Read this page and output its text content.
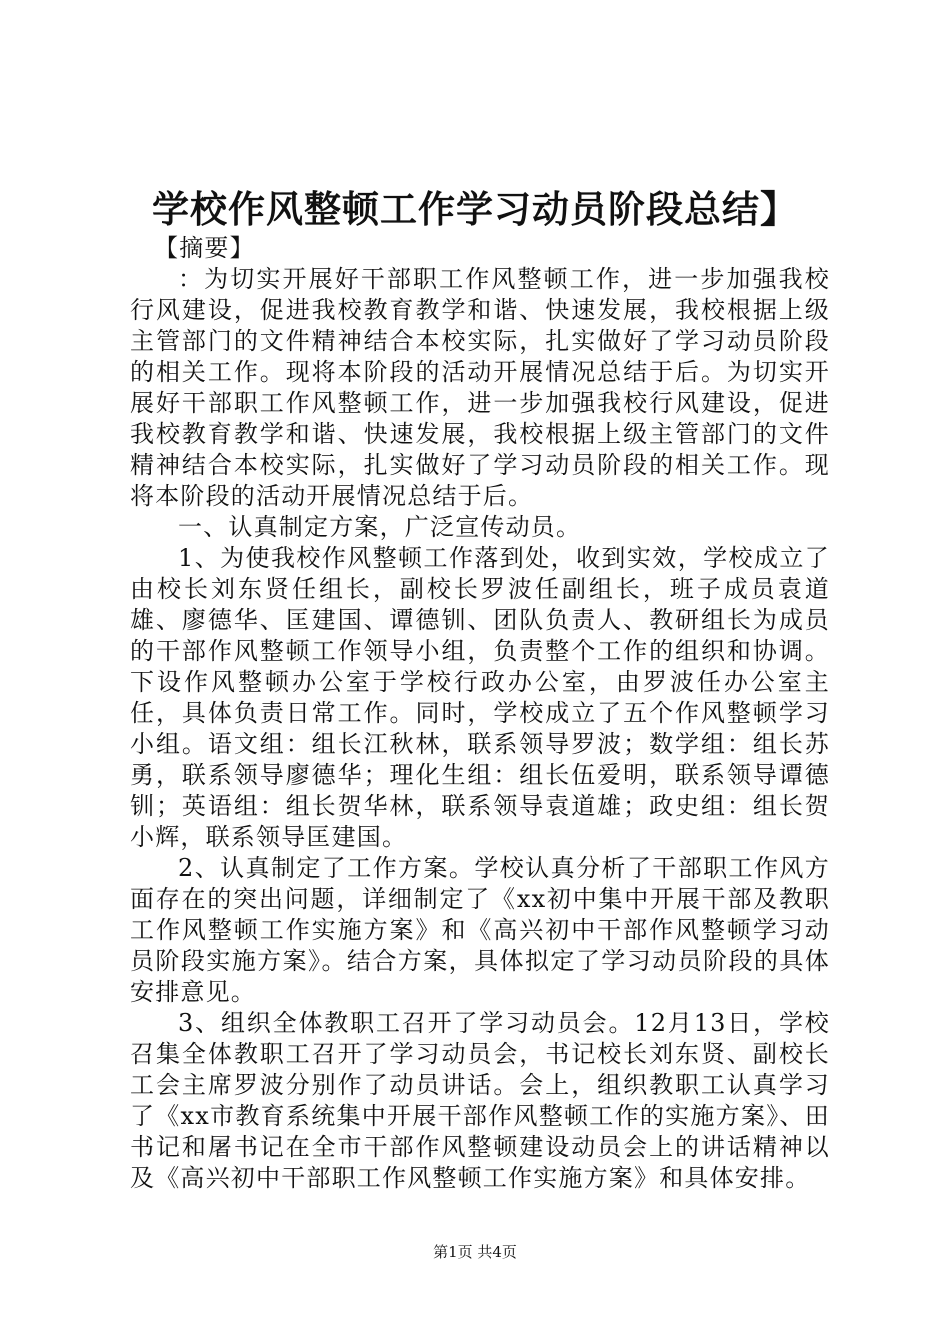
学校作风整顿工作学习动员阶段总结】

【摘要】

：为切实开展好干部职工作风整顿工作，进一步加强我校行风建设，促进我校教育教学和谐、快速发展，我校根据上级主管部门的文件精神结合本校实际，扎实做好了学习动员阶段的相关工作。现将本阶段的活动开展情况总结于后。为切实开展好干部职工作风整顿工作，进一步加强我校行风建设，促进我校教育教学和谐、快速发展，我校根据上级主管部门的文件精神结合本校实际，扎实做好了学习动员阶段的相关工作。现将本阶段的活动开展情况总结于后。

一、认真制定方案，广泛宣传动员。

1、为使我校作风整顿工作落到处，收到实效，学校成立了由校长刘东贤任组长，副校长罗波任副组长，班子成员袁道雄、廖德华、匡建国、谭德钏、团队负责人、教研组长为成员的干部作风整顿工作领导小组，负责整个工作的组织和协调。下设作风整顿办公室于学校行政办公室，由罗波任办公室主任，具体负责日常工作。同时，学校成立了五个作风整顿学习小组。语文组：组长江秋林，联系领导罗波；数学组：组长苏勇，联系领导廖德华；理化生组：组长伍爱明，联系领导谭德钏；英语组：组长贺华林，联系领导袁道雄；政史组：组长贺小辉，联系领导匡建国。

2、认真制定了工作方案。学校认真分析了干部职工作风方面存在的突出问题，详细制定了《xx初中集中开展干部及教职工作风整顿工作实施方案》和《高兴初中干部作风整顿学习动员阶段实施方案》。结合方案，具体拟定了学习动员阶段的具体安排意见。

3、组织全体教职工召开了学习动员会。12月13日，学校召集全体教职工召开了学习动员会，书记校长刘东贤、副校长工会主席罗波分别作了动员讲话。会上，组织教职工认真学习了《xx市教育系统集中开展干部作风整顿工作的实施方案》、田书记和屠书记在全市干部作风整顿建设动员会上的讲话精神以及《高兴初中干部职工作风整顿工作实施方案》和具体安排。

第1页 共4页
